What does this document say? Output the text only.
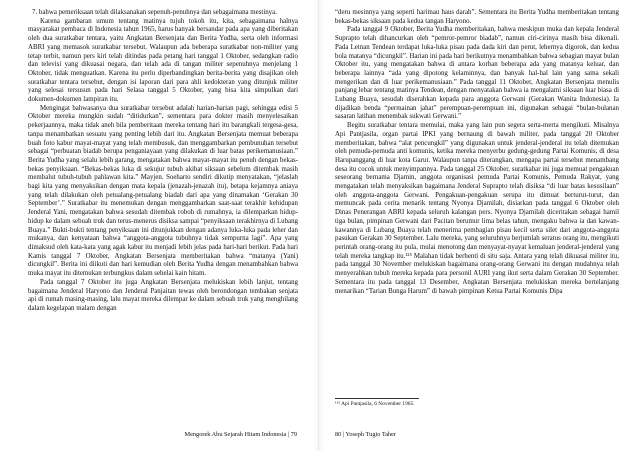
7. bahwa pemeriksaan telah dilaksanakan sepenuh-penuhnya dan sebagaimana mestinya.

Karena gambaran umum tentang matinya tujuh tokoh itu, kita, sebagaimana halnya masyarakat pembaca di Indonesia tahun 1965, harus banyak bersandar pada apa yang diberitakan oleh dua suratkabar tentara, yaitu Angkatan Bersenjata dan Berita Yudha, serta oleh informasi ABRI yang memasok suratkabar tersebut. Walaupun ada beberapa suratkabar non-militer yang tetap terbit, namun pers kiri telah ditindas pada petang hari tanggal 1 Oktober, sedangkan radio dan televisi yang dikuasai negara, dan telah ada di tangan militer sepenuhnya menjelang 1 Oktober, tidak menguatkan. Karena itu perlu diperbandingkan berita-berita yang disajikan oleh suratkabar tentara tersebut, dengan isi laporan dari para ahli kedokteran yang ditunjuk militer yang selesai tersusun pada hari Selasa tanggal 5 Oktober, yang bisa kita simpulkan dari dokumen-dokumen lampiran itu.

Mengingat bahwasanya dua suratkabar tersebut adalah harian-harian pagi, sehingga edisi 5 Oktober mereka mungkin sudah “ditidurkan”, sementara para dokter masih menyelesaikan pekerjaannya, maka tidak aneh bila pemberitaan mereka tentang hari itu barangkali tergesa-gesa, tanpa menambatkan sesuatu yang penting lebih dari itu. Angkatan Bersenjata memuat beberapa buah foto kabur mayat-mayat yang telah membusuk, dan menggambarkan pembunuhan tersebut sebagai “perbuatan biadab berupa penganiayaan yang dilakukan di luar batas perikemanusiaan.” Berita Yudha yang selalu lebih garang, mengatakan bahwa mayat-mayat itu penuh dengan bekas-bekas penyiksaan. “Bekas-bekas luka di sekujur tubuh akibat siksaan sebelum ditembak masih membalut tubuh-tubuh pahlawan kita.” Mayjen. Soeharto sendiri dikutip menyatakan, “jelaslah bagi kita yang menyaksikan dengan mata kepala (jenazah-jenazah itu), betapa kejamnya aniaya yang telah dilakukan oleh petualang-petualang biadab dari apa yang dinamakan ‘Gerakan 30 September’.” Suratkabar itu menemukan dengan menggambarkan saat-saat terakhir kehidupan Jenderal Yani, mengatakan bahwa sesudah ditembak roboh di rumahnya, ia dilemparkan hidup-hidup ke dalam sebuah truk dan terus-menerus disiksa sampai “penyiksaan terakhirnya di Lubang Buaya.” Bukti-bukti tentang penyiksaan ini ditunjukkan dengan adanya luka-luka pada leher dan mukanya, dan kenyataan bahwa “anggota-anggota tubuhnya tidak sempurna lagi”. Apa yang dimaksud oleh kata-kata yang agak kabur itu menjadi lebih jelas pada hari-hari berikut. Pada hari Kamis tanggal 7 Oktober, Angkatan Bersenjata memberitakan bahwa “matanya (Yani) dicungkil”. Berita ini diikuti dan hari kemudian oleh Berita Yudha dengan menambahkan bahwa muka mayat itu ditemukan terbungkus dalam sehelai kain hitam.

Pada tanggal 7 Oktober itu juga Angkatan Bersenjata melukiskan lebih lanjut, tentang bagaimana Jenderal Haryono dan Jenderal Panjaitan tewas oleh berondongan tembakan senjata api di rumah masing-masing, lalu mayat mereka dilempar ke dalam sebuah truk yang menghilang dalam kegelapan malam dengan

Mengorek Abu Sejarah Hitam Indonesia | 79

“deru mesinnya yang seperti harimau haus darah”. Sementara itu Berita Yudha memberitakan tentang bekas-bekas siksaan pada kedua tangan Haryono.

Pada tanggal 9 Oktober, Berita Yudha memberitakan, bahwa meskipun muka dan kepala Jenderal Suprapto telah dihancurkan oleh “pemror-pemror biadab”, namun ciri-cirinya masih bisa dikenali. Pada Letnan Tendean terdapat luka-luka pisau pada dada kiri dan perut, lehernya digorok, dan kedua bola matanya “dicungkil”. Harian ini pada hari berikutnya menambahkan bahwa sebagian mayat bulan Oktober itu, yang mengatakan bahwa di antara korban beberapa ada yang matanya keluar, dan beberapa lainnya “ada yang dipotong kelaminnya, dan banyak hal-hal lain yang sama sekali mengerikan dan di luar perikemanusiaan.” Pada tanggal 11 Oktober, Angkatan Bersenjata menulis panjang lebar tentang matinya Tendean, dengan menyatakan bahwa ia mengalami siksaan luar biasa di Lubang Buaya, sesudah diserahkan kepada para anggota Gerwani (Gerakan Wanita Indonesia). Ia dijadikan benda “permainan jahat” perempuan-perempuan ini, digunakan sebagai “bulan-bulanan sasaran latihan menembak sukwati Gerwani.”

Begitu suratkabar tentara memulai, maka yang lain pun segera serta-merta mengikuti. Misalnya Api Pantjasila, organ partai IPKI yang bernaung di bawah militer, pada tanggal 20 Oktober memberitakan, bahwa “alat pencungkil” yang digunakan untuk jenderal-jenderal itu telah ditemukan oleh pemuda-pemuda anti komunis, ketika mereka menyerbu gedung-gedung Partai Komunis, di desa Harupanggang di luar kota Garut. Walaupun tanpa diterangkan, mengapa partai tersebut menambang desa itu cocok untuk menyimpannya. Pada tanggal 25 Oktober, suratkabar ini juga memuat pengakuan seseorang bernama Djamin, anggota organisasi pemuda Partai Komunis, Pemuda Rakyat, yang mengatakan telah menyaksikan bagaimana Jenderal Suprapto telah disiksa “di luar batas kesusilaan” oleh anggota-anggota Gerwani. Pengakuan-pengakuan serupa itu dimuat berturut-turut, dan memuncak pada cerita menarik tentang Nyonya Djamilah, disiarkan pada tanggal 6 Oktober oleh Dinas Penerangan ABRI kepada seluruh kalangan pers. Nyonya Djamilah diceritakan sebagai hamil tiga bulan, pimpinan Gerwani dari Pacitan berumur lima belas tahun, mengaku bahwa ia dan kawan-kawannya di Lubang Buaya telah menerima pembagian pisau kecil serta silet dari anggota-anggota pasukan Gerakan 30 September. Lalu mereka, yang seluruhnya berjumlah seratus orang itu, mengikuti perintah orang-orang itu pula, mulai menotong dan menyayat-nyayat kemaluan jenderal-jenderal yang telah mereka tangkap itu.¹²⁵ Malahan tidak berhenti di situ saja. Antara yang telah dikuasai militer itu, pada tanggal 30 November melukiskan bagaimana orang-orang Gerwani itu dengan mudahnya telah menyerahkan tubuh mereka kepada para personil AURI yang ikut serta dalam Gerakan 30 September. Sementara itu pada tanggal 13 Desember, Angkatan Bersenjata melukiskan mereka bertelanjang menarikan “Tarian Bunga Harum” di bawah pimpinan Ketua Partai Komunis Dipa

¹²⁵ Api Pantjasila, 6 November 1965.
80 | Yoseph Tugio Taher
